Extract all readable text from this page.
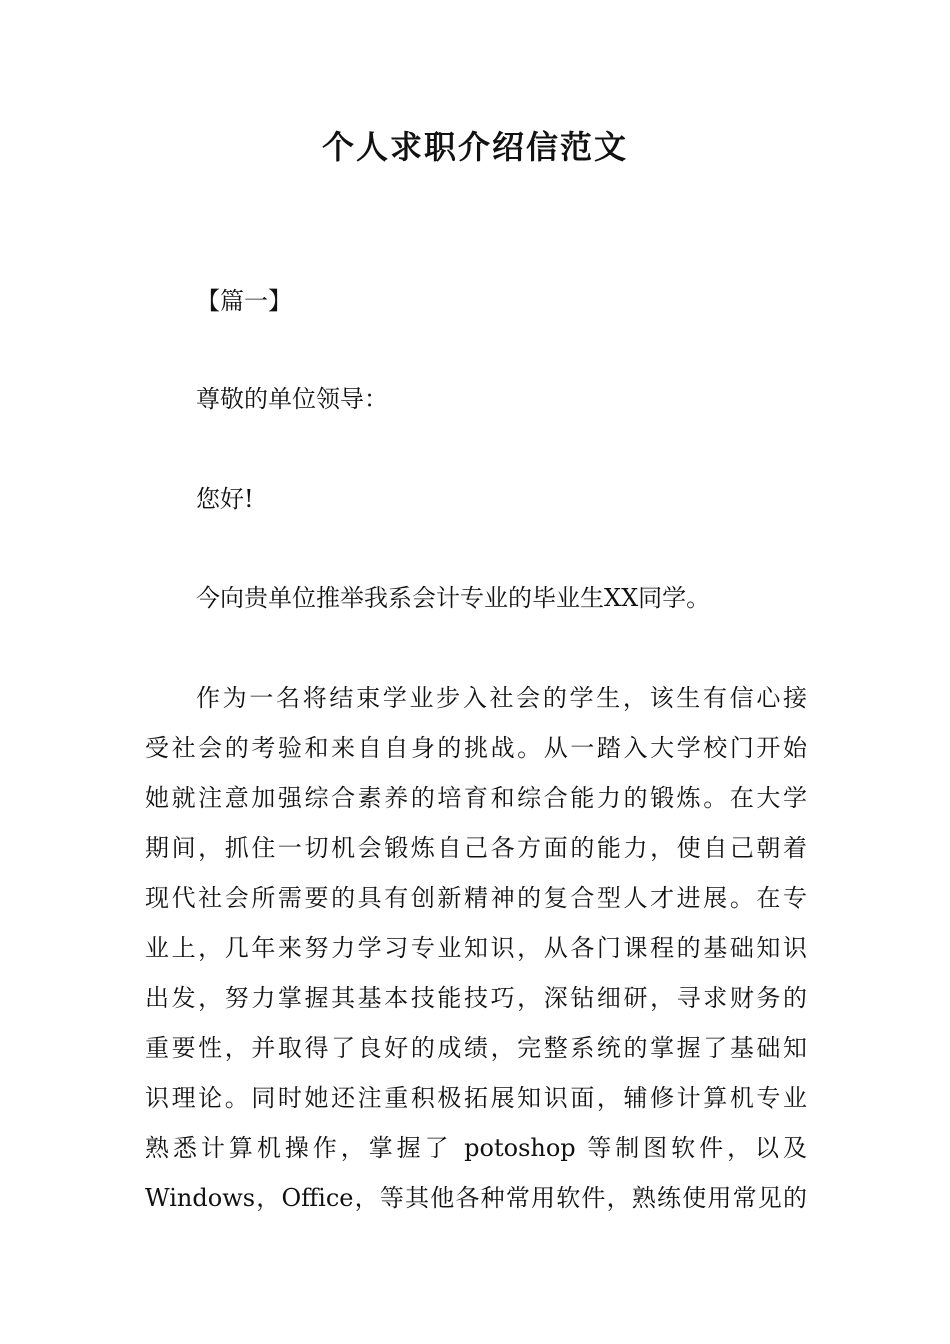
个人求职介绍信范文
【篇一】
尊敬的单位领导：
您好!
今向贵单位推举我系会计专业的毕业生XX同学。
作为一名将结束学业步入社会的学生，该生有信心接
受社会的考验和来自自身的挑战。从一踏入大学校门开始
她就注意加强综合素养的培育和综合能力的锻炼。在大学
期间，抓住一切机会锻炼自己各方面的能力，使自己朝着
现代社会所需要的具有创新精神的复合型人才进展。在专
业上，几年来努力学习专业知识，从各门课程的基础知识
出发，努力掌握其基本技能技巧，深钻细研，寻求财务的
重要性，并取得了良好的成绩，完整系统的掌握了基础知
识理论。同时她还注重积极拓展知识面，辅修计算机专业
熟悉计算机操作，掌握了 potoshop 等制图软件，以及
Windows，Office，等其他各种常用软件，熟练使用常见的
